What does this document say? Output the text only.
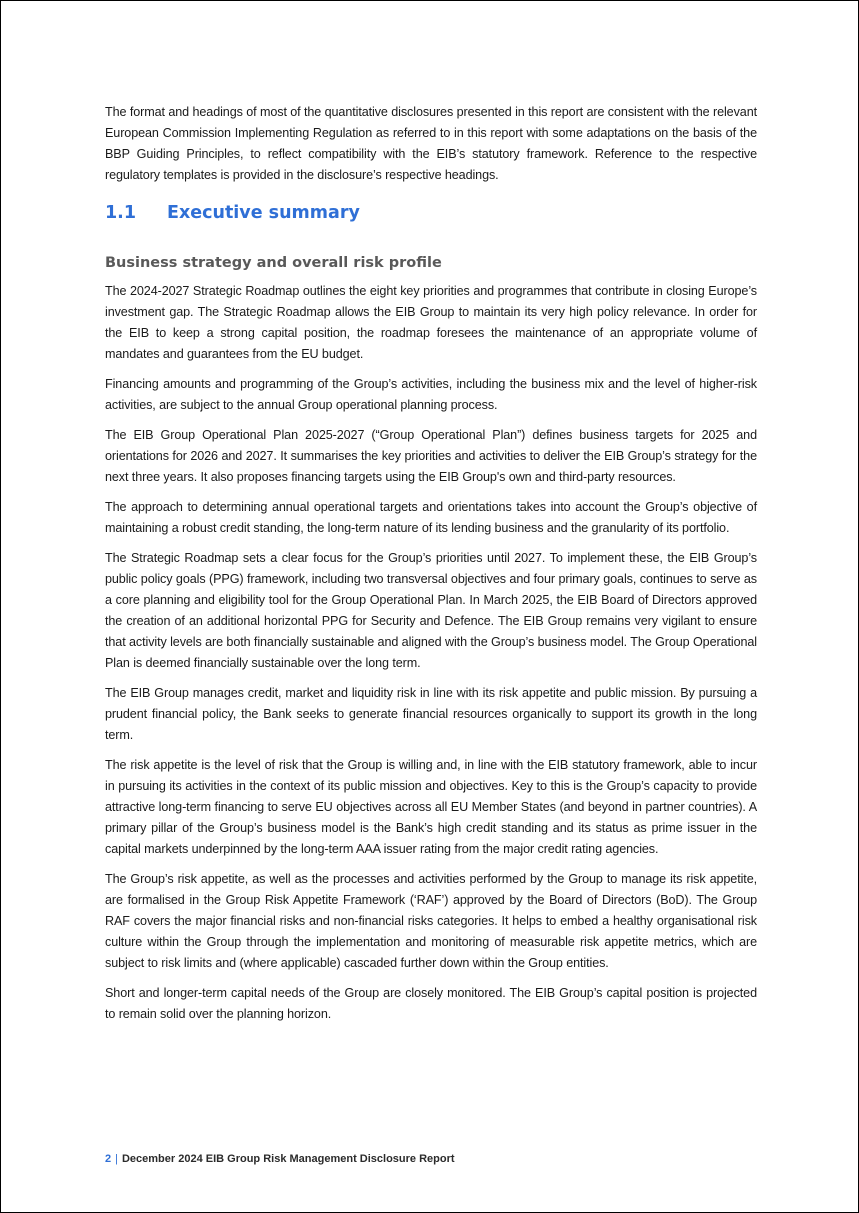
The format and headings of most of the quantitative disclosures presented in this report are consistent with the relevant European Commission Implementing Regulation as referred to in this report with some adaptations on the basis of the BBP Guiding Principles, to reflect compatibility with the EIB’s statutory framework. Reference to the respective regulatory templates is provided in the disclosure’s respective headings.

1.1	Executive summary
Business strategy and overall risk profile

The 2024-2027 Strategic Roadmap outlines the eight key priorities and programmes that contribute in closing Europe’s investment gap. The Strategic Roadmap allows the EIB Group to maintain its very high policy relevance. In order for the EIB to keep a strong capital position, the roadmap foresees the maintenance of an appropriate volume of mandates and guarantees from the EU budget.

Financing amounts and programming of the Group’s activities, including the business mix and the level of higher-risk activities, are subject to the annual Group operational planning process.

The EIB Group Operational Plan 2025-2027 (“Group Operational Plan”) defines business targets for 2025 and orientations for 2026 and 2027. It summarises the key priorities and activities to deliver the EIB Group’s strategy for the next three years. It also proposes financing targets using the EIB Group's own and third-party resources.

The approach to determining annual operational targets and orientations takes into account the Group’s objective of maintaining a robust credit standing, the long-term nature of its lending business and the granularity of its portfolio.

The Strategic Roadmap sets a clear focus for the Group’s priorities until 2027. To implement these, the EIB Group’s public policy goals (PPG) framework, including two transversal objectives and four primary goals, continues to serve as a core planning and eligibility tool for the Group Operational Plan. In March 2025, the EIB Board of Directors approved the creation of an additional horizontal PPG for Security and Defence. The EIB Group remains very vigilant to ensure that activity levels are both financially sustainable and aligned with the Group’s business model. The Group Operational Plan is deemed financially sustainable over the long term.

The EIB Group manages credit, market and liquidity risk in line with its risk appetite and public mission. By pursuing a prudent financial policy, the Bank seeks to generate financial resources organically to support its growth in the long term.

The risk appetite is the level of risk that the Group is willing and, in line with the EIB statutory framework, able to incur in pursuing its activities in the context of its public mission and objectives. Key to this is the Group’s capacity to provide attractive long-term financing to serve EU objectives across all EU Member States (and beyond in partner countries). A primary pillar of the Group’s business model is the Bank’s high credit standing and its status as prime issuer in the capital markets underpinned by the long-term AAA issuer rating from the major credit rating agencies.

The Group’s risk appetite, as well as the processes and activities performed by the Group to manage its risk appetite, are formalised in the Group Risk Appetite Framework (‘RAF’) approved by the Board of Directors (BoD). The Group RAF covers the major financial risks and non-financial risks categories. It helps to embed a healthy organisational risk culture within the Group through the implementation and monitoring of measurable risk appetite metrics, which are subject to risk limits and (where applicable) cascaded further down within the Group entities.

Short and longer-term capital needs of the Group are closely monitored. The EIB Group’s capital position is projected to remain solid over the planning horizon.

2 | December 2024 EIB Group Risk Management Disclosure Report
